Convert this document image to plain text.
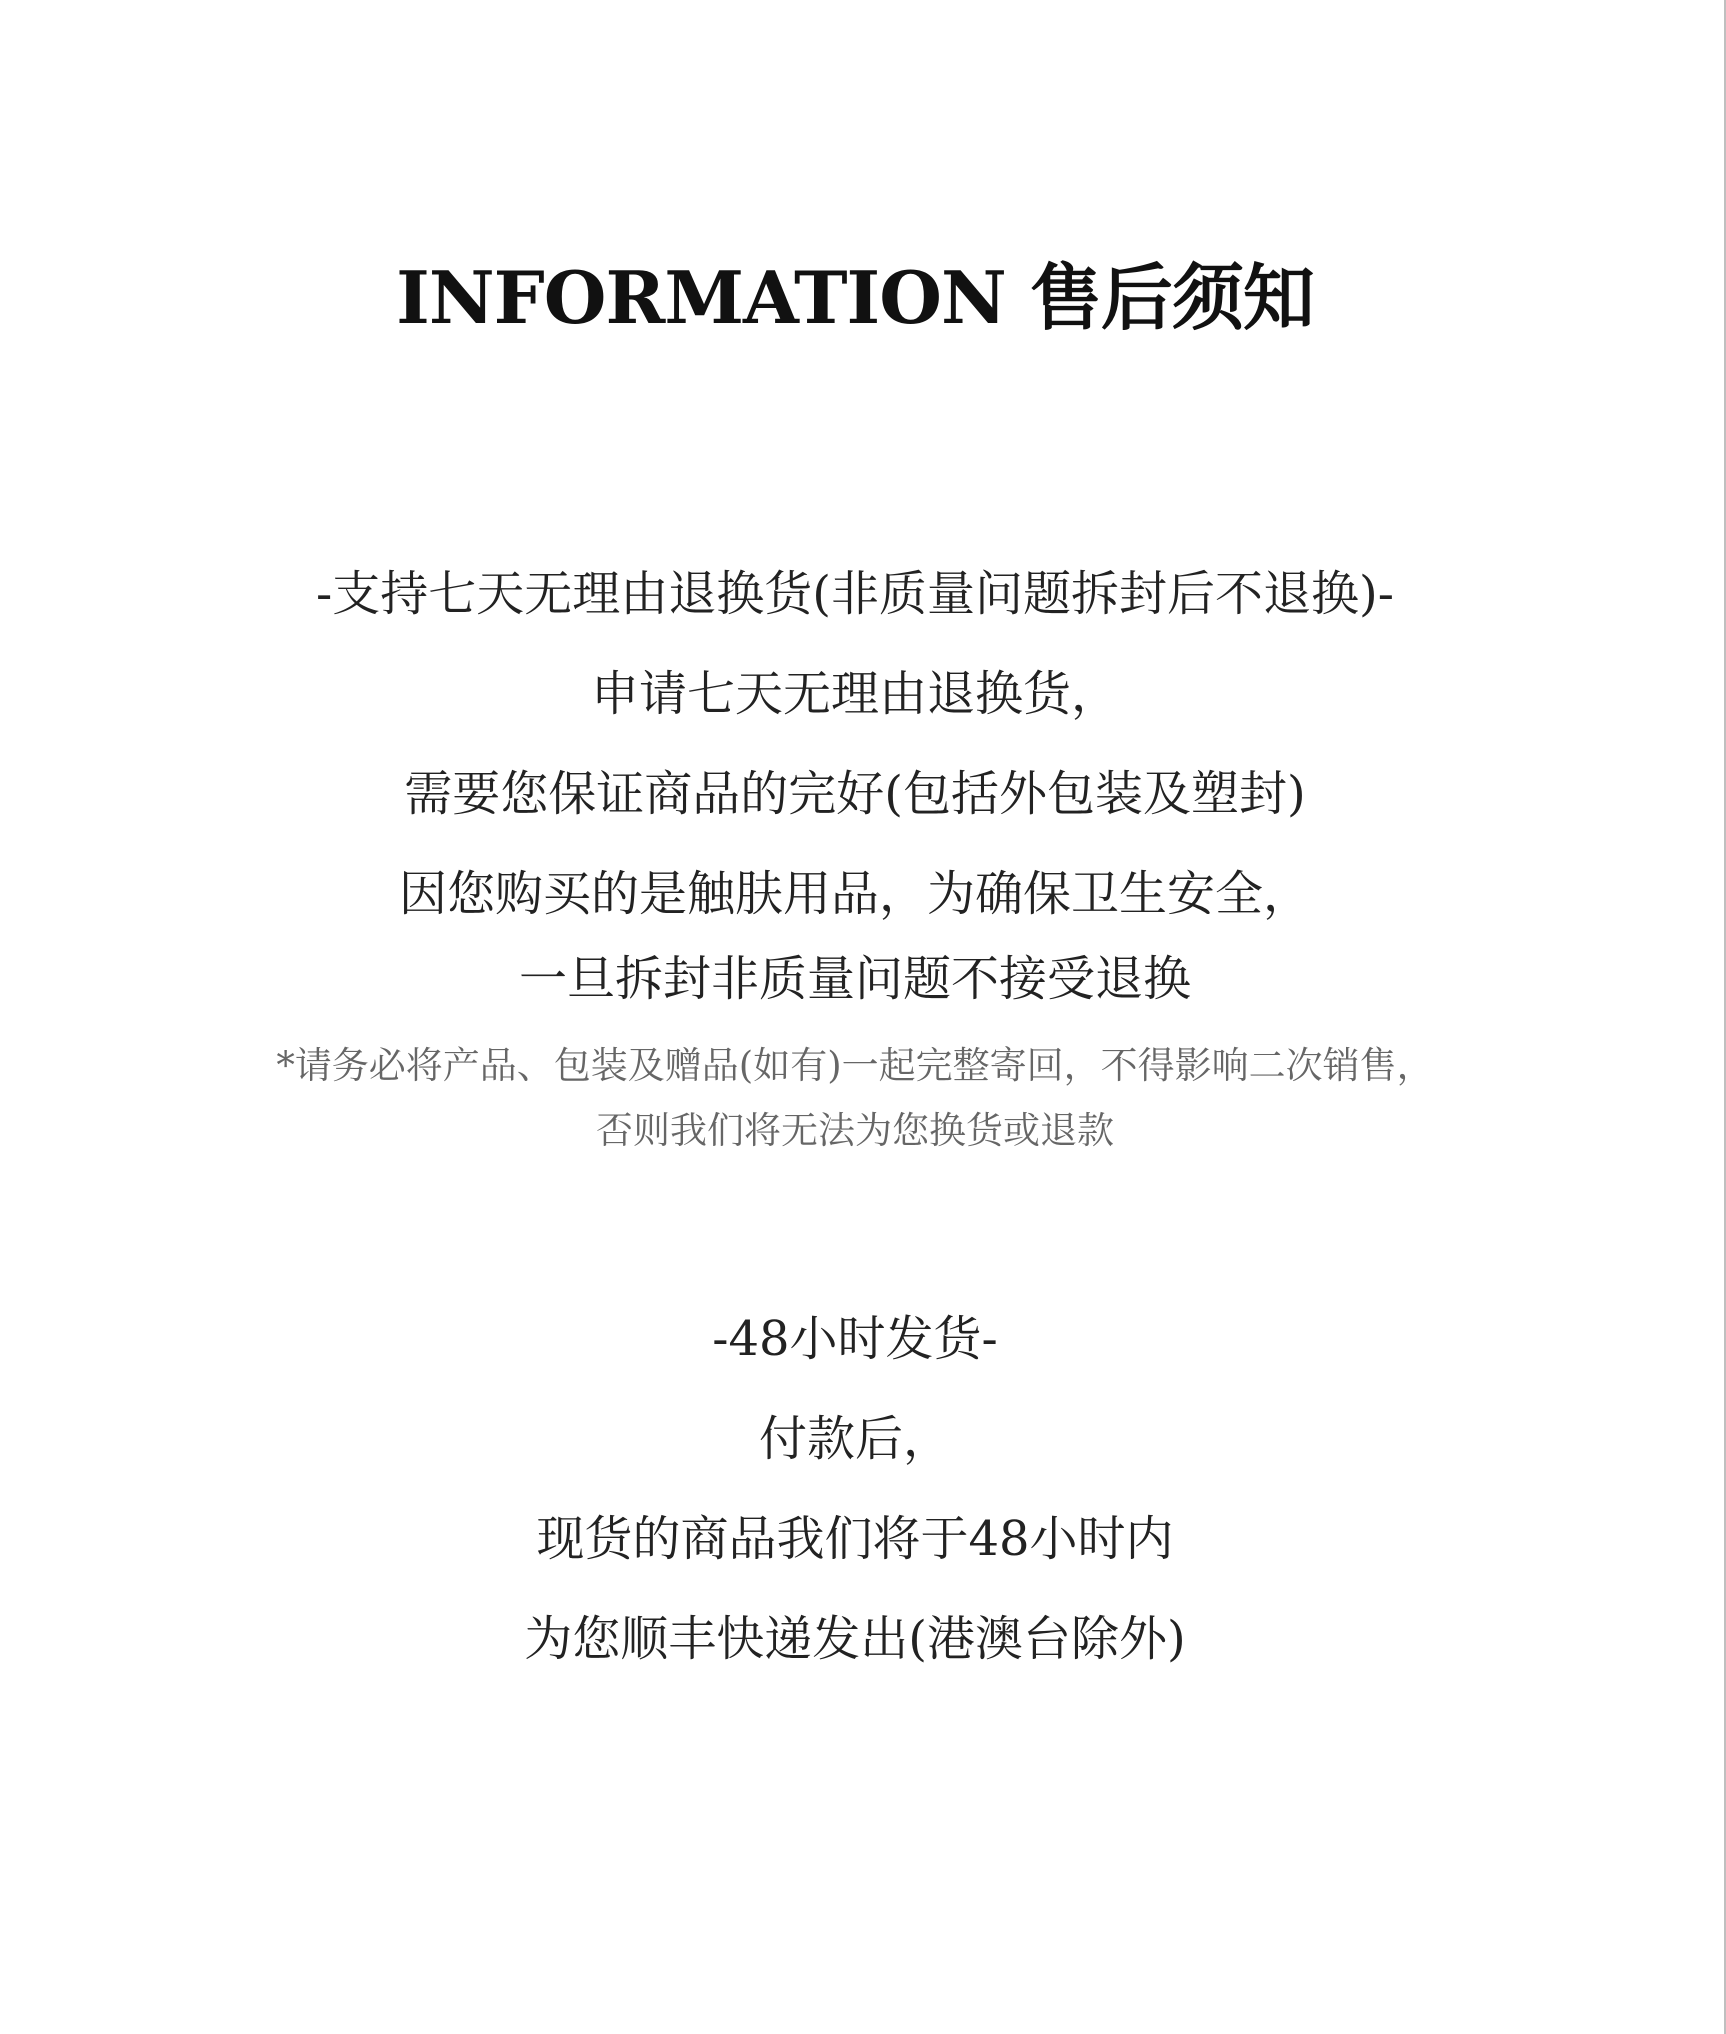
INFORMATION 售后须知
-支持七天无理由退换货(非质量问题拆封后不退换)-
申请七天无理由退换货，
需要您保证商品的完好(包括外包装及塑封)
因您购买的是触肤用品，为确保卫生安全，
一旦拆封非质量问题不接受退换
*请务必将产品、包装及赠品(如有)一起完整寄回，不得影响二次销售，
否则我们将无法为您换货或退款
-48小时发货-
付款后，
现货的商品我们将于48小时内
为您顺丰快递发出(港澳台除外)
